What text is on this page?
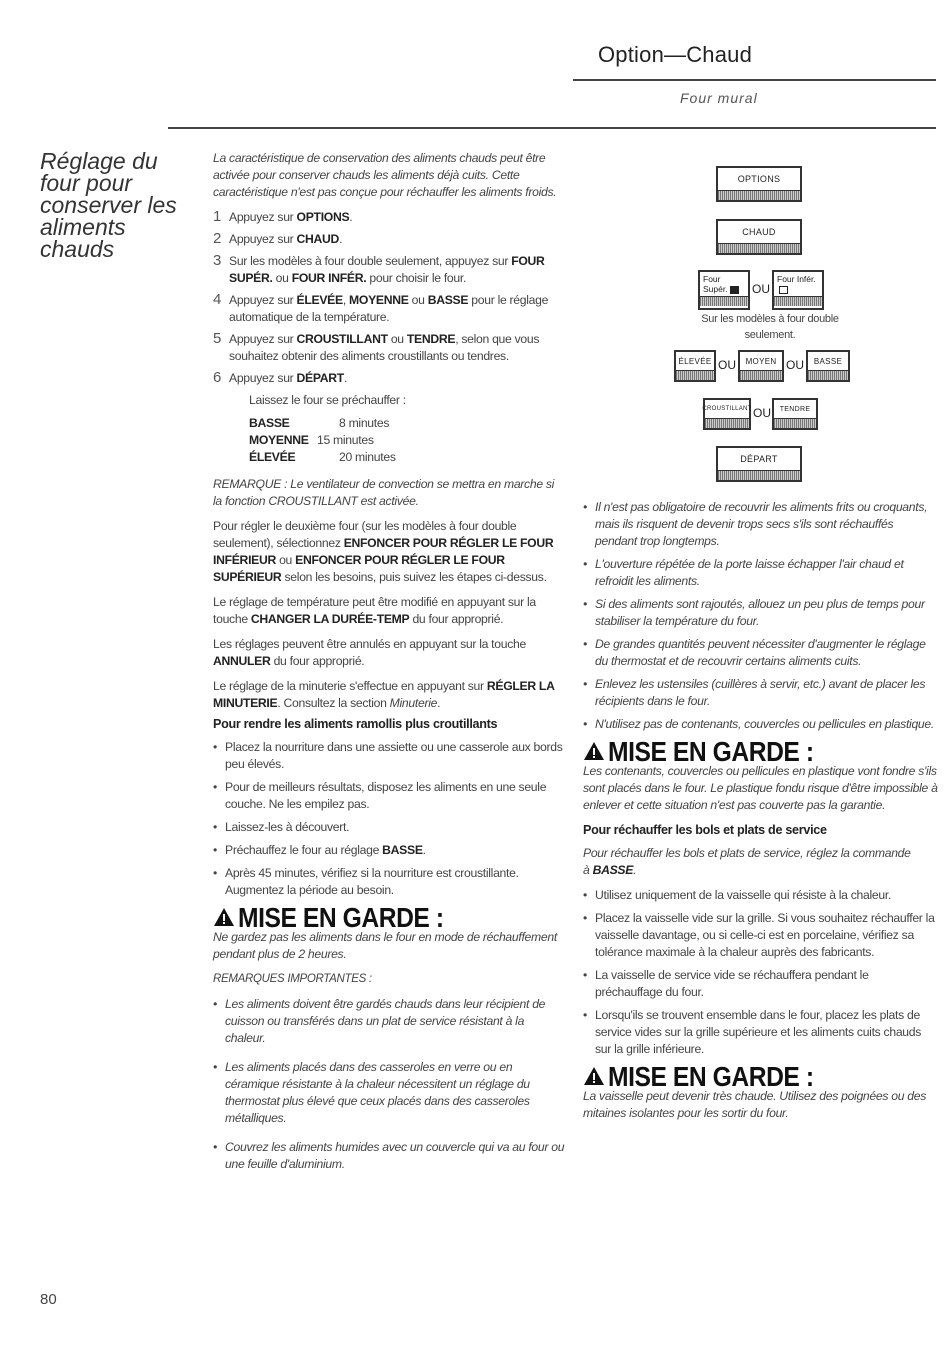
Option—Chaud
Four mural
Réglage du four pour conserver les aliments chauds
La caractéristique de conservation des aliments chauds peut être activée pour conserver chauds les aliments déjà cuits. Cette caractéristique n'est pas conçue pour réchauffer les aliments froids.
1 Appuyez sur OPTIONS.
2 Appuyez sur CHAUD.
3 Sur les modèles à four double seulement, appuyez sur FOUR SUPÉR. ou FOUR INFÉR. pour choisir le four.
4 Appuyez sur ÉLEVÉE, MOYENNE ou BASSE pour le réglage automatique de la température.
5 Appuyez sur CROUSTILLANT ou TENDRE, selon que vous souhaitez obtenir des aliments croustillants ou tendres.
6 Appuyez sur DÉPART.
Laissez le four se préchauffer :
BASSE	8 minutes
MOYENNE 15 minutes
ÉLEVÉE	20 minutes
REMARQUE : Le ventilateur de convection se mettra en marche si la fonction CROUSTILLANT est activée.
Pour régler le deuxième four (sur les modèles à four double seulement), sélectionnez ENFONCER POUR RÉGLER LE FOUR INFÉRIEUR ou ENFONCER POUR RÉGLER LE FOUR SUPÉRIEUR selon les besoins, puis suivez les étapes ci-dessus.
Le réglage de température peut être modifié en appuyant sur la touche CHANGER LA DURÉE-TEMP du four approprié.
Les réglages peuvent être annulés en appuyant sur la touche ANNULER du four approprié.
Le réglage de la minuterie s'effectue en appuyant sur RÉGLER LA MINUTERIE. Consultez la section Minuterie.
Pour rendre les aliments ramollis plus croutillants
• Placez la nourriture dans une assiette ou une casserole aux bords peu élevés.
• Pour de meilleurs résultats, disposez les aliments en une seule couche. Ne les empilez pas.
• Laissez-les à découvert.
• Préchauffez le four au réglage BASSE.
• Après 45 minutes, vérifiez si la nourriture est croustillante. Augmentez la période au besoin.
MISE EN GARDE :
Ne gardez pas les aliments dans le four en mode de réchauffement pendant plus de 2 heures.
REMARQUES IMPORTANTES :
• Les aliments doivent être gardés chauds dans leur récipient de cuisson ou transférés dans un plat de service résistant à la chaleur.
• Les aliments placés dans des casseroles en verre ou en céramique résistante à la chaleur nécessitent un réglage du thermostat plus élevé que ceux placés dans des casseroles métalliques.
• Couvrez les aliments humides avec un couvercle qui va au four ou une feuille d'aluminium.
OPTIONS
CHAUD
Four Supér.	OU
Four Infér.
Sur les modèles à four double seulement.
ÉLEVÉE OU	MOYEN OU	BASSE
CROUSTILLANT OU	TENDRE
DÉPART
• Il n'est pas obligatoire de recouvrir les aliments frits ou croquants, mais ils risquent de devenir trops secs s'ils sont réchauffés pendant trop longtemps.
• L'ouverture répétée de la porte laisse échapper l'air chaud et refroidit les aliments.
• Si des aliments sont rajoutés, allouez un peu plus de temps pour stabiliser la température du four.
• De grandes quantités peuvent nécessiter d'augmenter le réglage du thermostat et de recouvrir certains aliments cuits.
• Enlevez les ustensiles (cuillères à servir, etc.) avant de placer les récipients dans le four.
• N'utilisez pas de contenants, couvercles ou pellicules en plastique.
MISE EN GARDE :
Les contenants, couvercles ou pellicules en plastique vont fondre s'ils sont placés dans le four. Le plastique fondu risque d'être impossible à enlever et cette situation n'est pas couverte pas la garantie.
Pour réchauffer les bols et plats de service
Pour réchauffer les bols et plats de service, réglez la commande
à BASSE.
• Utilisez uniquement de la vaisselle qui résiste à la chaleur.
• Placez la vaisselle vide sur la grille. Si vous souhaitez réchauffer la vaisselle davantage, ou si celle-ci est en porcelaine, vérifiez sa tolérance maximale à la chaleur auprès des fabricants.
• La vaisselle de service vide se réchauffera pendant le préchauffage du four.
• Lorsqu'ils se trouvent ensemble dans le four, placez les plats de service vides sur la grille supérieure et les aliments cuits chauds sur la grille inférieure.
MISE EN GARDE :
La vaisselle peut devenir très chaude. Utilisez des poignées ou des mitaines isolantes pour les sortir du four.
80
